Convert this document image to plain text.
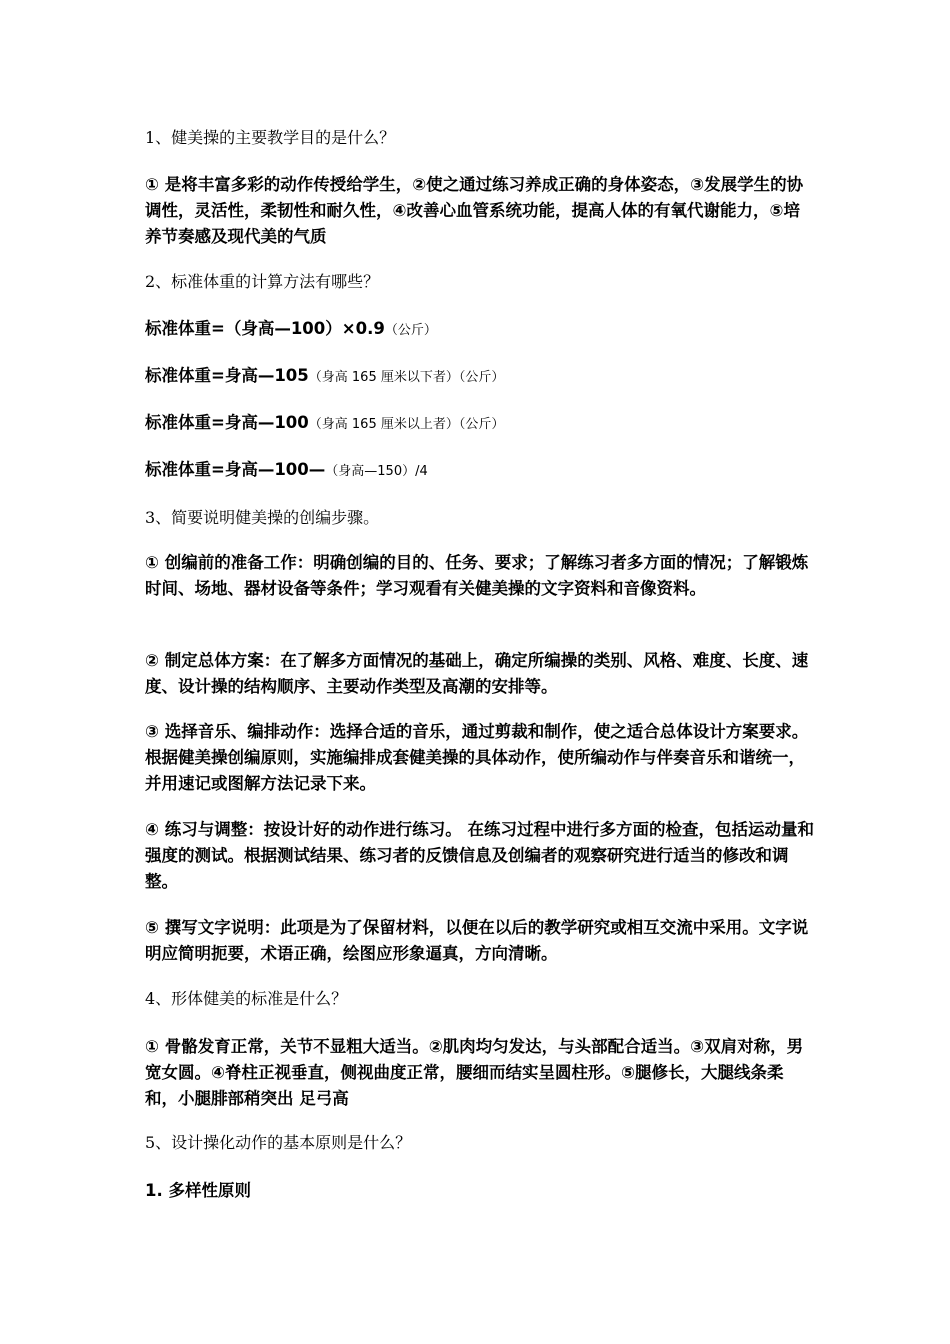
1、健美操的主要教学目的是什么？

① 是将丰富多彩的动作传授给学生，②使之通过练习养成正确的身体姿态，③发展学生的协调性，灵活性，柔韧性和耐久性，④改善心血管系统功能，提高人体的有氧代谢能力，⑤培养节奏感及现代美的气质

2、标准体重的计算方法有哪些？

标准体重=（身高—100）×0.9（公斤）

标准体重=身高—105（身高 165 厘米以下者）（公斤）

标准体重=身高—100（身高 165 厘米以上者）（公斤）

标准体重=身高—100—（身高—150）/4

3、简要说明健美操的创编步骤。

① 创编前的准备工作：明确创编的目的、任务、要求；了解练习者多方面的情况；了解锻炼时间、场地、器材设备等条件；学习观看有关健美操的文字资料和音像资料。

② 制定总体方案：在了解多方面情况的基础上，确定所编操的类别、风格、难度、长度、速度、设计操的结构顺序、主要动作类型及高潮的安排等。

③ 选择音乐、编排动作：选择合适的音乐，通过剪裁和制作，使之适合总体设计方案要求。根据健美操创编原则，实施编排成套健美操的具体动作，使所编动作与伴奏音乐和谐统一，并用速记或图解方法记录下来。

④ 练习与调整：按设计好的动作进行练习。 在练习过程中进行多方面的检查，包括运动量和强度的测试。根据测试结果、练习者的反馈信息及创编者的观察研究进行适当的修改和调整。

⑤ 撰写文字说明：此项是为了保留材料，以便在以后的教学研究或相互交流中采用。文字说明应简明扼要，术语正确，绘图应形象逼真，方向清晰。

4、形体健美的标准是什么？

① 骨骼发育正常，关节不显粗大适当。②肌肉均匀发达，与头部配合适当。③双肩对称，男宽女圆。④脊柱正视垂直，侧视曲度正常，腰细而结实呈圆柱形。⑤腿修长，大腿线条柔和，小腿腓部稍突出 足弓高

5、设计操化动作的基本原则是什么？

1. 多样性原则
